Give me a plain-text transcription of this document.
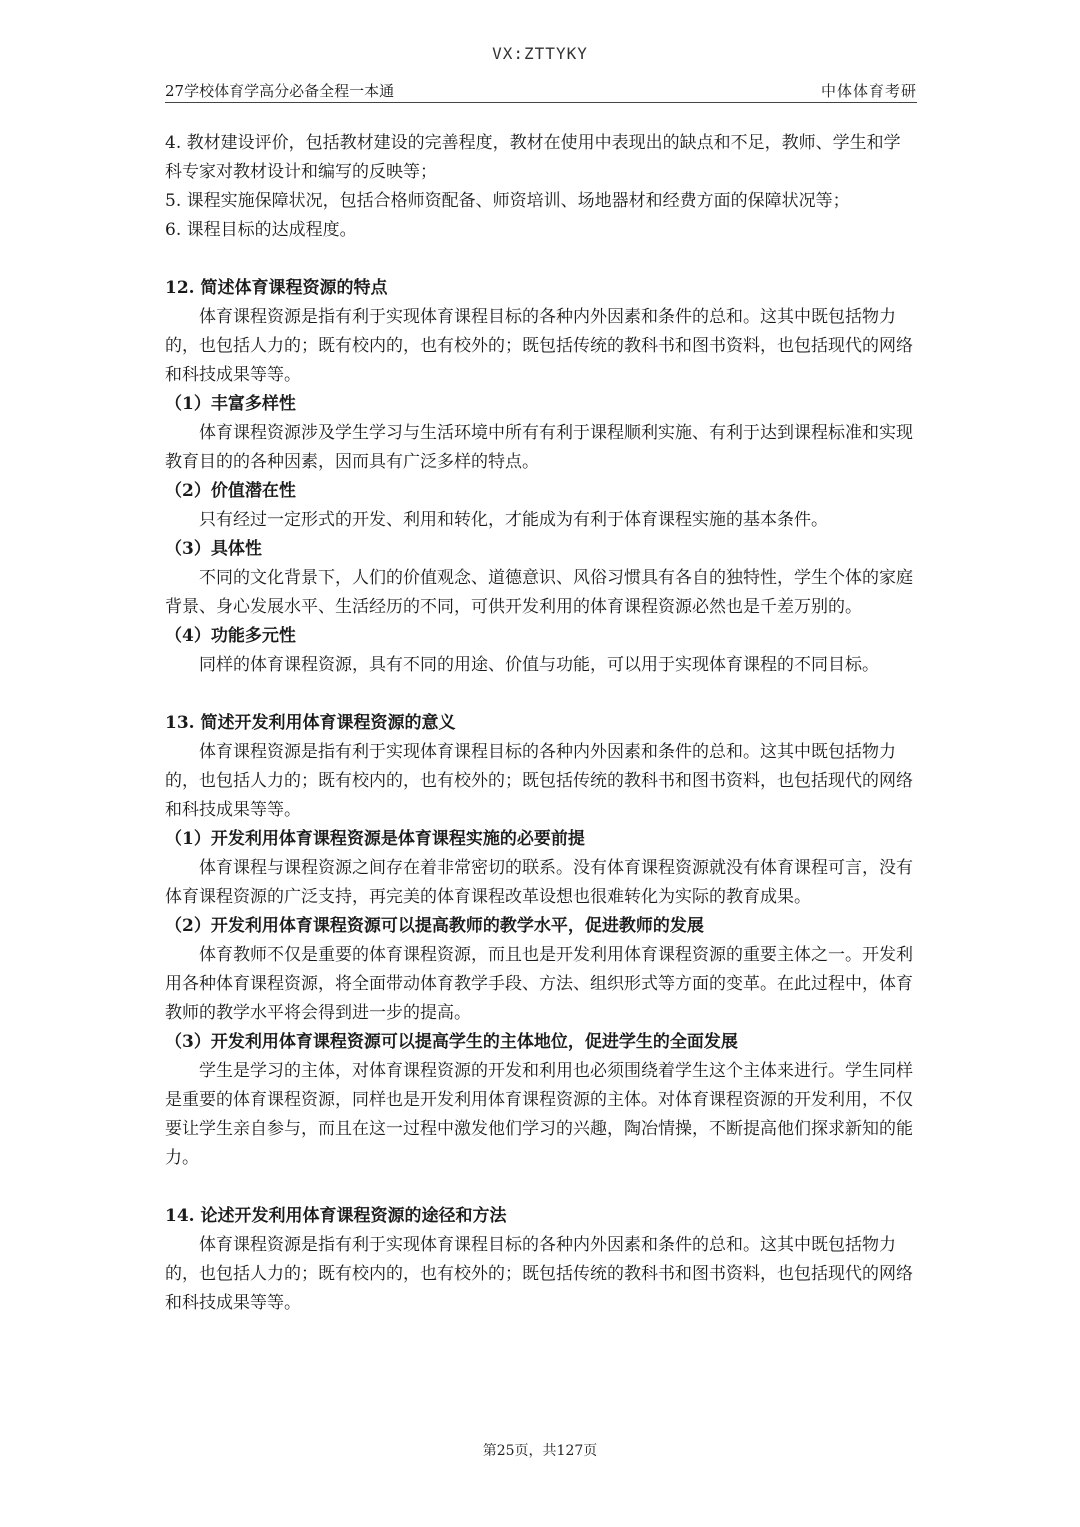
VX:ZTTYKY
27学校体育学高分必备全程一本通	中体体育考研

4. 教材建设评价，包括教材建设的完善程度，教材在使用中表现出的缺点和不足，教师、学生和学科专家对教材设计和编写的反映等；

5. 课程实施保障状况，包括合格师资配备、师资培训、场地器材和经费方面的保障状况等；

6. 课程目标的达成程度。

12. 简述体育课程资源的特点

体育课程资源是指有利于实现体育课程目标的各种内外因素和条件的总和。这其中既包括物力的，也包括人力的；既有校内的，也有校外的；既包括传统的教科书和图书资料，也包括现代的网络和科技成果等等。

（1）丰富多样性

体育课程资源涉及学生学习与生活环境中所有有利于课程顺利实施、有利于达到课程标准和实现教育目的的各种因素，因而具有广泛多样的特点。

（2）价值潜在性

只有经过一定形式的开发、利用和转化，才能成为有利于体育课程实施的基本条件。

（3）具体性

不同的文化背景下，人们的价值观念、道德意识、风俗习惯具有各自的独特性，学生个体的家庭背景、身心发展水平、生活经历的不同，可供开发利用的体育课程资源必然也是千差万别的。

（4）功能多元性

同样的体育课程资源，具有不同的用途、价值与功能，可以用于实现体育课程的不同目标。

13. 简述开发利用体育课程资源的意义

体育课程资源是指有利于实现体育课程目标的各种内外因素和条件的总和。这其中既包括物力的，也包括人力的；既有校内的，也有校外的；既包括传统的教科书和图书资料，也包括现代的网络和科技成果等等。

（1）开发利用体育课程资源是体育课程实施的必要前提

体育课程与课程资源之间存在着非常密切的联系。没有体育课程资源就没有体育课程可言，没有体育课程资源的广泛支持，再完美的体育课程改革设想也很难转化为实际的教育成果。

（2）开发利用体育课程资源可以提高教师的教学水平，促进教师的发展

体育教师不仅是重要的体育课程资源，而且也是开发利用体育课程资源的重要主体之一。开发利用各种体育课程资源，将全面带动体育教学手段、方法、组织形式等方面的变革。在此过程中，体育教师的教学水平将会得到进一步的提高。

（3）开发利用体育课程资源可以提高学生的主体地位，促进学生的全面发展

学生是学习的主体，对体育课程资源的开发和利用也必须围绕着学生这个主体来进行。学生同样是重要的体育课程资源，同样也是开发利用体育课程资源的主体。对体育课程资源的开发利用，不仅要让学生亲自参与，而且在这一过程中激发他们学习的兴趣，陶冶情操，不断提高他们探求新知的能力。

14. 论述开发利用体育课程资源的途径和方法

体育课程资源是指有利于实现体育课程目标的各种内外因素和条件的总和。这其中既包括物力的，也包括人力的；既有校内的，也有校外的；既包括传统的教科书和图书资料，也包括现代的网络和科技成果等等。

第25页，共127页
